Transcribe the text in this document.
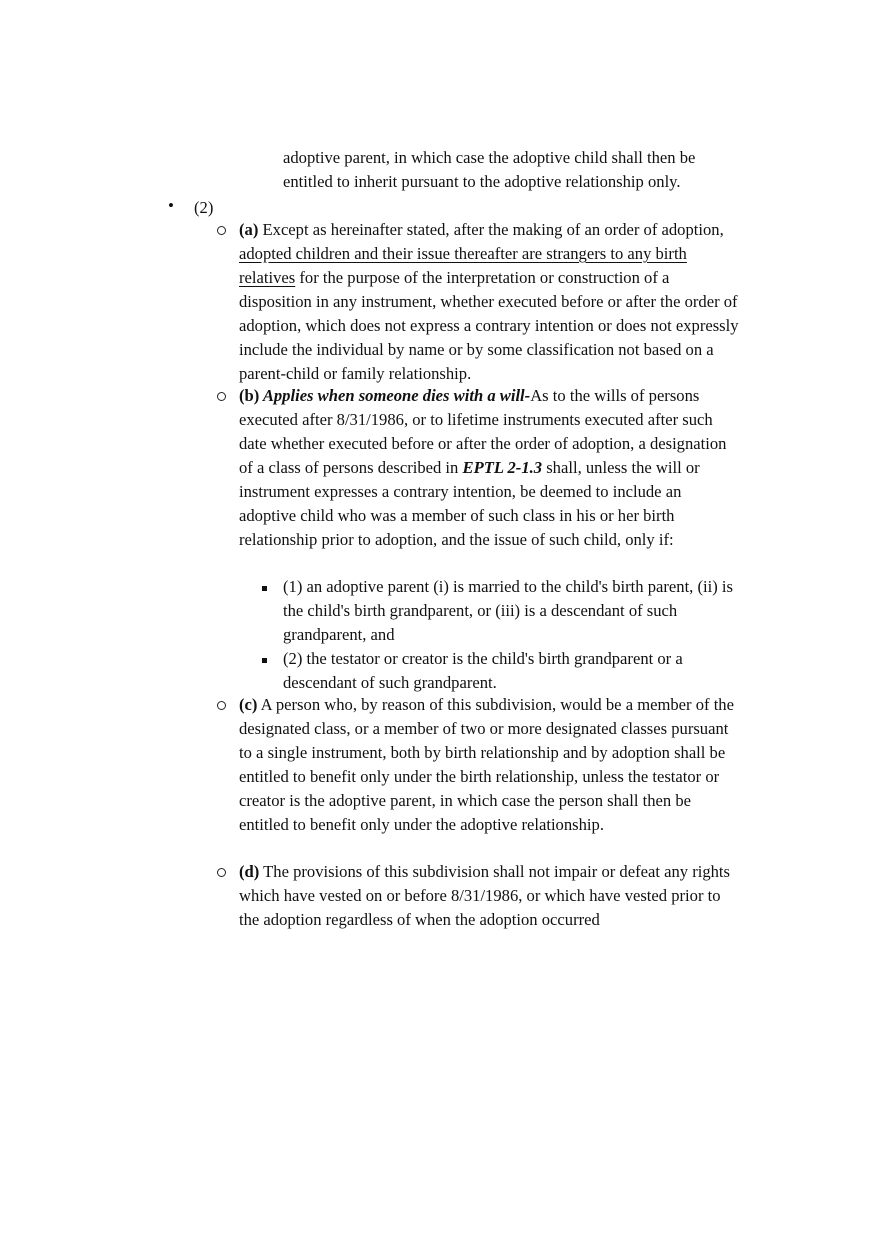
adoptive parent, in which case the adoptive child shall then be entitled to inherit pursuant to the adoptive relationship only.

• (2)

(a) Except as hereinafter stated, after the making of an order of adoption, adopted children and their issue thereafter are strangers to any birth relatives for the purpose of the interpretation or construction of a disposition in any instrument, whether executed before or after the order of adoption, which does not express a contrary intention or does not expressly include the individual by name or by some classification not based on a parent-child or family relationship.

(b) Applies when someone dies with a will-As to the wills of persons executed after 8/31/1986, or to lifetime instruments executed after such date whether executed before or after the order of adoption, a designation of a class of persons described in EPTL 2-1.3 shall, unless the will or instrument expresses a contrary intention, be deemed to include an adoptive child who was a member of such class in his or her birth relationship prior to adoption, and the issue of such child, only if:

(1) an adoptive parent (i) is married to the child's birth parent, (ii) is the child's birth grandparent, or (iii) is a descendant of such grandparent, and

(2) the testator or creator is the child's birth grandparent or a descendant of such grandparent.

(c) A person who, by reason of this subdivision, would be a member of the designated class, or a member of two or more designated classes pursuant to a single instrument, both by birth relationship and by adoption shall be entitled to benefit only under the birth relationship, unless the testator or creator is the adoptive parent, in which case the person shall then be entitled to benefit only under the adoptive relationship.

(d) The provisions of this subdivision shall not impair or defeat any rights which have vested on or before 8/31/1986, or which have vested prior to the adoption regardless of when the adoption occurred
